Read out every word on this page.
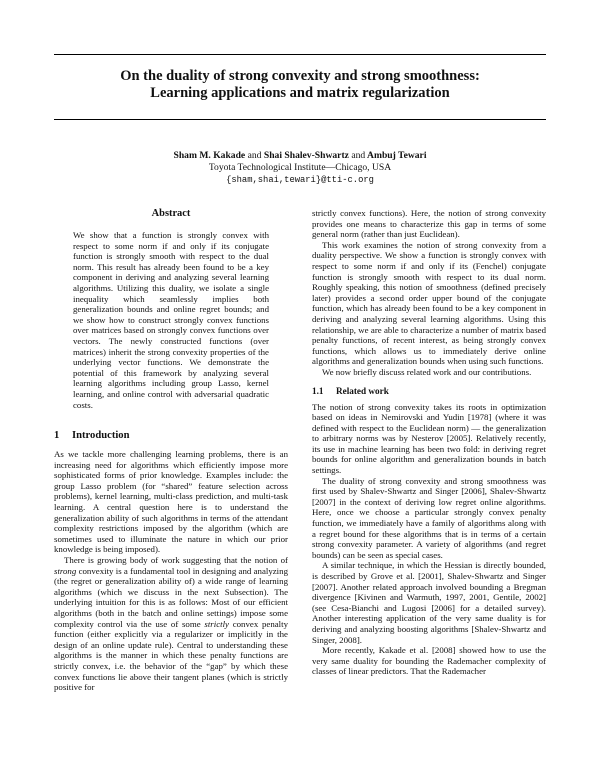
On the duality of strong convexity and strong smoothness:
Learning applications and matrix regularization
Sham M. Kakade and Shai Shalev-Shwartz and Ambuj Tewari
Toyota Technological Institute—Chicago, USA
{sham,shai,tewari}@tti-c.org
Abstract

We show that a function is strongly convex with respect to some norm if and only if its conjugate function is strongly smooth with respect to the dual norm. This result has already been found to be a key component in deriving and analyzing several learning algorithms. Utilizing this duality, we isolate a single inequality which seamlessly implies both generalization bounds and online regret bounds; and we show how to construct strongly convex functions over matrices based on strongly convex functions over vectors. The newly constructed functions (over matrices) inherit the strong convexity properties of the underlying vector functions. We demonstrate the potential of this framework by analyzing several learning algorithms including group Lasso, kernel learning, and online control with adversarial quadratic costs.

1 Introduction

As we tackle more challenging learning problems, there is an increasing need for algorithms which efficiently impose more sophisticated forms of prior knowledge. Examples include: the group Lasso problem (for “shared” feature selection across problems), kernel learning, multi-class prediction, and multi-task learning. A central question here is to understand the generalization ability of such algorithms in terms of the attendant complexity restrictions imposed by the algorithm (which are sometimes used to illuminate the nature in which our prior knowledge is being imposed).

There is growing body of work suggesting that the notion of strong convexity is a fundamental tool in designing and analyzing (the regret or generalization ability of) a wide range of learning algorithms (which we discuss in the next Subsection). The underlying intuition for this is as follows: Most of our efficient algorithms (both in the batch and online settings) impose some complexity control via the use of some strictly convex penalty function (either explicitly via a regularizer or implicitly in the design of an online update rule). Central to understanding these algorithms is the manner in which these penalty functions are strictly convex, i.e. the behavior of the “gap” by which these convex functions lie above their tangent planes (which is strictly positive for

strictly convex functions). Here, the notion of strong convexity provides one means to characterize this gap in terms of some general norm (rather than just Euclidean).

This work examines the notion of strong convexity from a duality perspective. We show a function is strongly convex with respect to some norm if and only if its (Fenchel) conjugate function is strongly smooth with respect to its dual norm. Roughly speaking, this notion of smoothness (defined precisely later) provides a second order upper bound of the conjugate function, which has already been found to be a key component in deriving and analyzing several learning algorithms. Using this relationship, we are able to characterize a number of matrix based penalty functions, of recent interest, as being strongly convex functions, which allows us to immediately derive online algorithms and generalization bounds when using such functions.

We now briefly discuss related work and our contributions.

1.1 Related work

The notion of strong convexity takes its roots in optimization based on ideas in Nemirovski and Yudin [1978] (where it was defined with respect to the Euclidean norm) — the generalization to arbitrary norms was by Nesterov [2005]. Relatively recently, its use in machine learning has been two fold: in deriving regret bounds for online algorithm and generalization bounds in batch settings.

The duality of strong convexity and strong smoothness was first used by Shalev-Shwartz and Singer [2006], Shalev-Shwartz [2007] in the context of deriving low regret online algorithms. Here, once we choose a particular strongly convex penalty function, we immediately have a family of algorithms along with a regret bound for these algorithms that is in terms of a certain strong convexity parameter. A variety of algorithms (and regret bounds) can be seen as special cases.

A similar technique, in which the Hessian is directly bounded, is described by Grove et al. [2001], Shalev-Shwartz and Singer [2007]. Another related approach involved bounding a Bregman divergence [Kivinen and Warmuth, 1997, 2001, Gentile, 2002] (see Cesa-Bianchi and Lugosi [2006] for a detailed survey). Another interesting application of the very same duality is for deriving and analyzing boosting algorithms [Shalev-Shwartz and Singer, 2008].

More recently, Kakade et al. [2008] showed how to use the very same duality for bounding the Rademacher complexity of classes of linear predictors. That the Rademacher
